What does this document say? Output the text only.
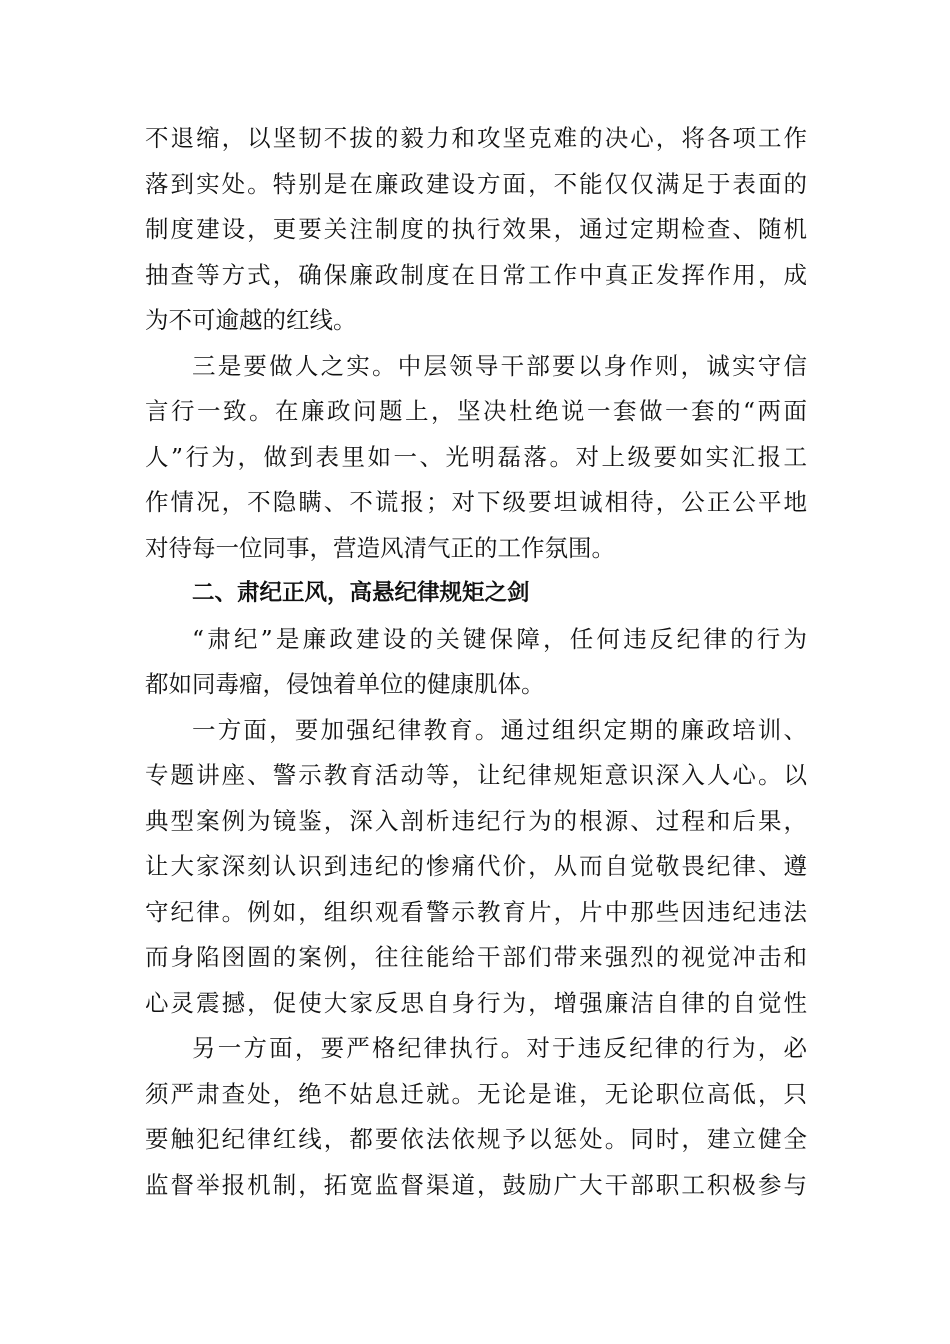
不退缩，以坚韧不拔的毅力和攻坚克难的决心，将各项工作
落到实处。特别是在廉政建设方面，不能仅仅满足于表面的
制度建设，更要关注制度的执行效果，通过定期检查、随机
抽查等方式，确保廉政制度在日常工作中真正发挥作用，成
为不可逾越的红线。
三是要做人之实。中层领导干部要以身作则，诚实守信
言行一致。在廉政问题上，坚决杜绝说一套做一套的“两面
人”行为，做到表里如一、光明磊落。对上级要如实汇报工
作情况，不隐瞒、不谎报；对下级要坦诚相待，公正公平地
对待每一位同事，营造风清气正的工作氛围。
二、肃纪正风，高悬纪律规矩之剑
“肃纪”是廉政建设的关键保障，任何违反纪律的行为
都如同毒瘤，侵蚀着单位的健康肌体。
一方面，要加强纪律教育。通过组织定期的廉政培训、
专题讲座、警示教育活动等，让纪律规矩意识深入人心。以
典型案例为镜鉴，深入剖析违纪行为的根源、过程和后果，
让大家深刻认识到违纪的惨痛代价，从而自觉敬畏纪律、遵
守纪律。例如，组织观看警示教育片，片中那些因违纪违法
而身陷囹圄的案例，往往能给干部们带来强烈的视觉冲击和
心灵震撼，促使大家反思自身行为，增强廉洁自律的自觉性
另一方面，要严格纪律执行。对于违反纪律的行为，必
须严肃查处，绝不姑息迁就。无论是谁，无论职位高低，只
要触犯纪律红线，都要依法依规予以惩处。同时，建立健全
监督举报机制，拓宽监督渠道，鼓励广大干部职工积极参与
